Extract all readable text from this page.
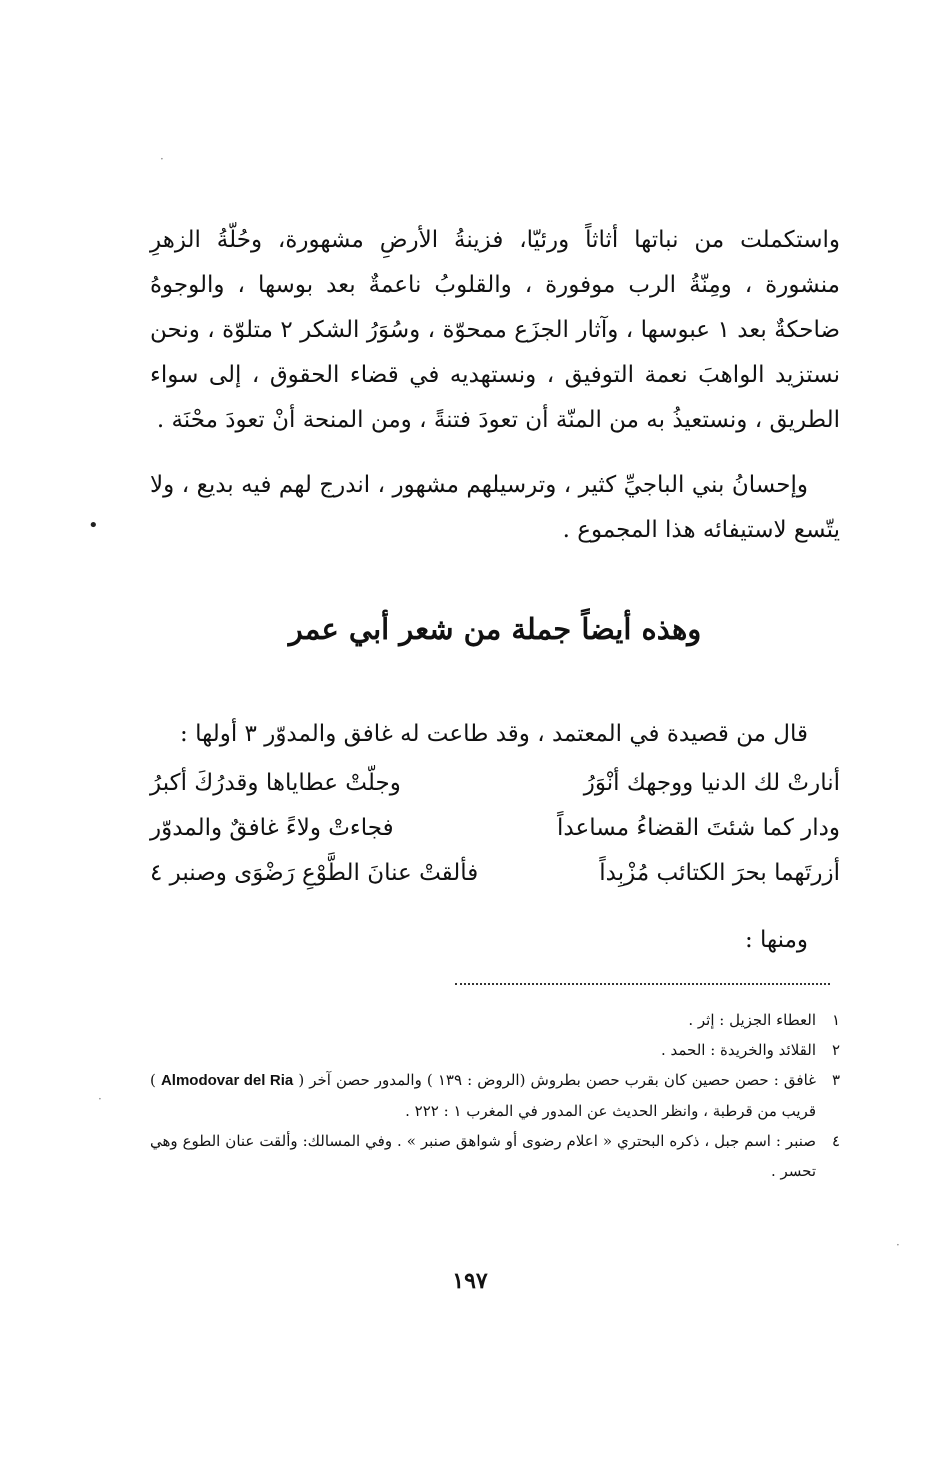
واستكملت من نباتها أثاثاً ورئيّا، فزينةُ الأرضِ مشهورة، وحُلّةُ الزهرِ منشورة ، ومِنّةُ الرب موفورة ، والقلوبُ ناعمةٌ بعد بوسها ، والوجوهُ ضاحكةٌ بعد ١ عبوسها ، وآثار الجزَع ممحوّة ، وسُوَرُ الشكر ٢ متلوّة ، ونحن نستزيد الواهبَ نعمة التوفيق ، ونستهديه في قضاء الحقوق ، إلى سواء الطريق ، ونستعيذُ به من المنّة أن تعودَ فتنةً ، ومن المنحة أنْ تعودَ محْنَة .

وإحسانُ بني الباجيِّ كثير ، وترسيلهم مشهور ، اندرج لهم فيه بديع ، ولا يتّسع لاستيفائه هذا المجموع .

وهذه أيضاً جملة من شعر أبي عمر

قال من قصيدة في المعتمد ، وقد طاعت له غافق والمدوّر ٣ أولها :

أنارتْ لك الدنيا ووجهك أنْوَرُ
وجلّتْ عطاياها وقدرُكَ أكبرُ
ودار كما شئتَ القضاءُ مساعداً
فجاءتْ ولاءً غافقٌ والمدوّر
أزرتَهما بحرَ الكتائب مُزْبِداً
فألقتْ عنانَ الطَّوْعِ رَضْوَى وصنبر ٤

ومنها :

١
العطاء الجزيل : إثر .
٢
القلائد والخريدة : الحمد .
٣
غافق : حصن حصين كان بقرب حصن بطروش (الروض : ١٣٩ ) والمدور حصن آخر ( Almodovar del Ria ) قريب من قرطبة ، وانظر الحديث عن المدور في المغرب ١ : ٢٢٢ .
٤
صنبر : اسم جبل ، ذكره البحتري « اعلام رضوى أو شواهق صنبر » . وفي المسالك: وألقت عنان الطوع وهي تحسر .
١٩٧
·
•
·
·
